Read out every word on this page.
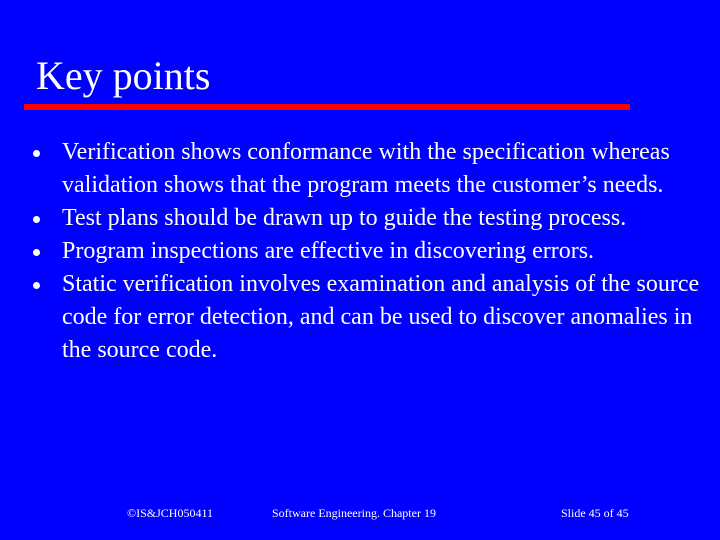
Key points
Verification shows conformance with the specification whereas validation shows that the program meets the customer’s needs.
Test plans should be drawn up to guide the testing process.
Program inspections are effective in discovering errors.
Static verification involves examination and analysis of the source code for error detection, and can be used to discover anomalies in the source code.
©IS&JCH050411	Software Engineering. Chapter 19	Slide 45 of 45
